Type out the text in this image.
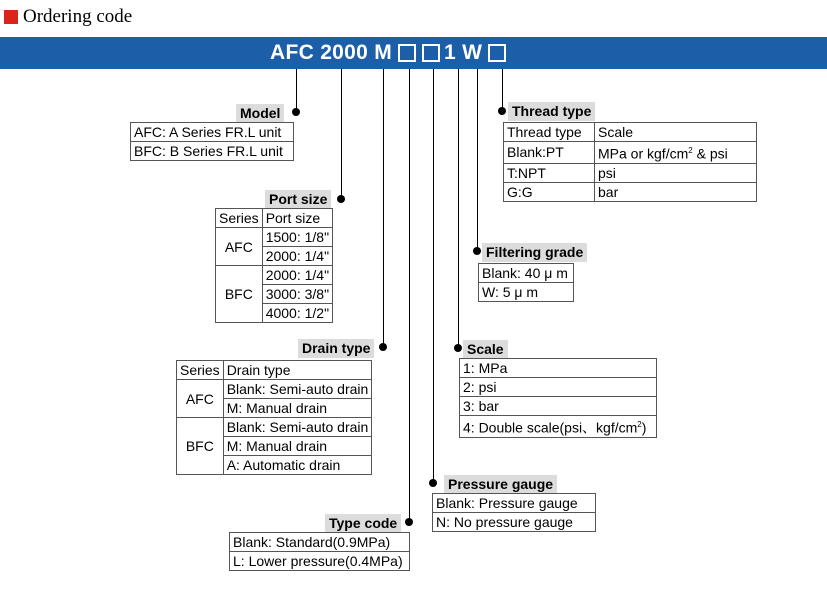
Ordering code
AFC 2000 M 1 W
Model
AFC: A Series FR.L unit
BFC: B Series FR.L unit
Port size
Series	Port size
AFC	1500: 1/8"
	2000: 1/4"
BFC	2000: 1/4"
	3000: 3/8"
	4000: 1/2"
Drain type
Series	Drain type
AFC	Blank: Semi-auto drain
	M: Manual drain
BFC	Blank: Semi-auto drain
	M: Manual drain
	A: Automatic drain
Type code
Blank: Standard(0.9MPa)
L: Lower pressure(0.4MPa)
Pressure gauge
Blank: Pressure gauge
N: No pressure gauge
Scale
1: MPa
2: psi
3: bar
4: Double scale(psi、kgf/$cm^2$)
Filtering grade
Blank: 40 μ m
W: 5 μ m
Thread type
Thread type	Scale
Blank:PT	MPa or kgf/$cm^2$ & psi
T:NPT	psi
G:G	bar
